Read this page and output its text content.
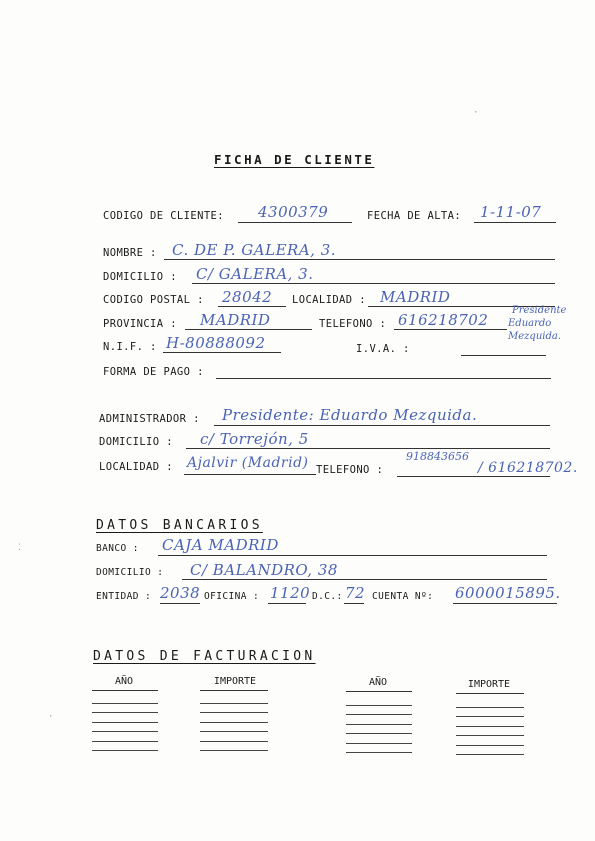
FICHA DE CLIENTE
CODIGO DE CLIENTE: 4300379	FECHA DE ALTA: 1-11-07
NOMBRE : C. DE P. GALERA, 3.
DOMICILIO : C/ GALERA, 3.
CODIGO POSTAL : 28042 LOCALIDAD : MADRID
PROVINCIA : MADRID	TELEFONO : 616218702
Presidente
Eduardo
Mezquida.
N.I.F. : H-80888092	I.V.A. :
FORMA DE PAGO :
ADMINISTRADOR : Presidente: Eduardo Mezquida.
DOMICILIO : c/ Torrejón, 5
LOCALIDAD : Ajalvir (Madrid) TELEFONO :
918843656
/ 616218702.
DATOS BANCARIOS
BANCO : CAJA MADRID
DOMICILIO : C/ BALANDRO, 38
ENTIDAD : 2038 OFICINA : 1120 D.C.: 72 CUENTA Nº: 6000015895.
DATOS DE FACTURACION
AÑO	IMPORTE	AÑO	IMPORTE
⁚
·
·
